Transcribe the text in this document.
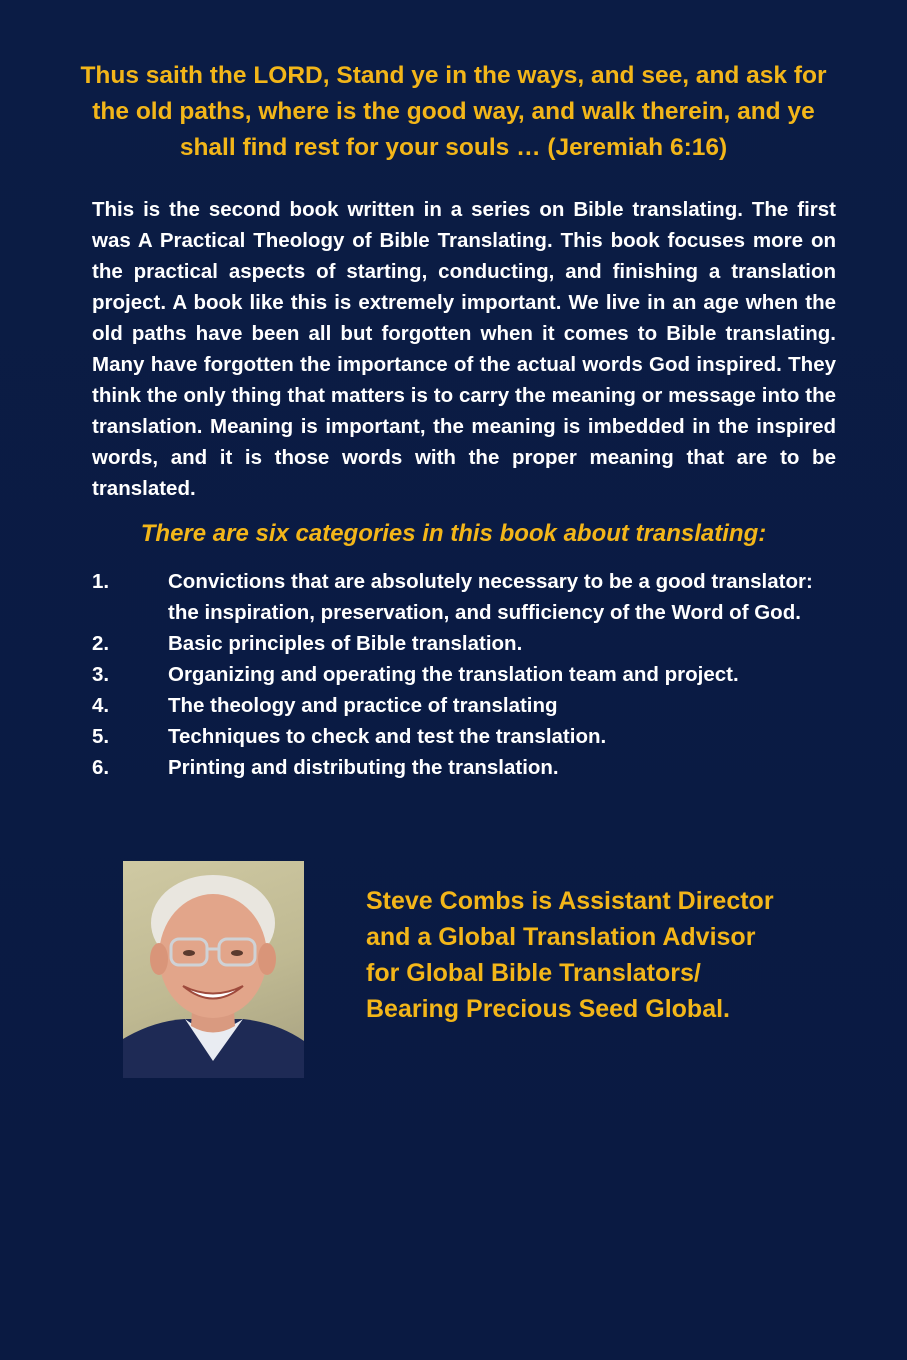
Thus saith the LORD, Stand ye in the ways, and see, and ask for the old paths, where is the good way, and walk therein, and ye shall find rest for your souls … (Jeremiah 6:16)

This is the second book written in a series on Bible translating. The first was A Practical Theology of Bible Translating. This book focuses more on the practical aspects of starting, conducting, and finishing a translation project. A book like this is extremely important. We live in an age when the old paths have been all but forgotten when it comes to Bible translating. Many have forgotten the importance of the actual words God inspired. They think the only thing that matters is to carry the meaning or message into the translation. Meaning is important, the meaning is imbedded in the inspired words, and it is those words with the proper meaning that are to be translated.

There are six categories in this book about translating:
1.	Convictions that are absolutely necessary to be a good translator: the inspiration, preservation, and sufficiency of the Word of God.
2.	Basic principles of Bible translation.
3.	Organizing and operating the translation team and project.
4.	The theology and practice of translating
5.	Techniques to check and test the translation.
6.	Printing and distributing the translation.
Steve Combs is Assistant Director
and a Global Translation Advisor
for Global Bible Translators/
Bearing Precious Seed Global.
